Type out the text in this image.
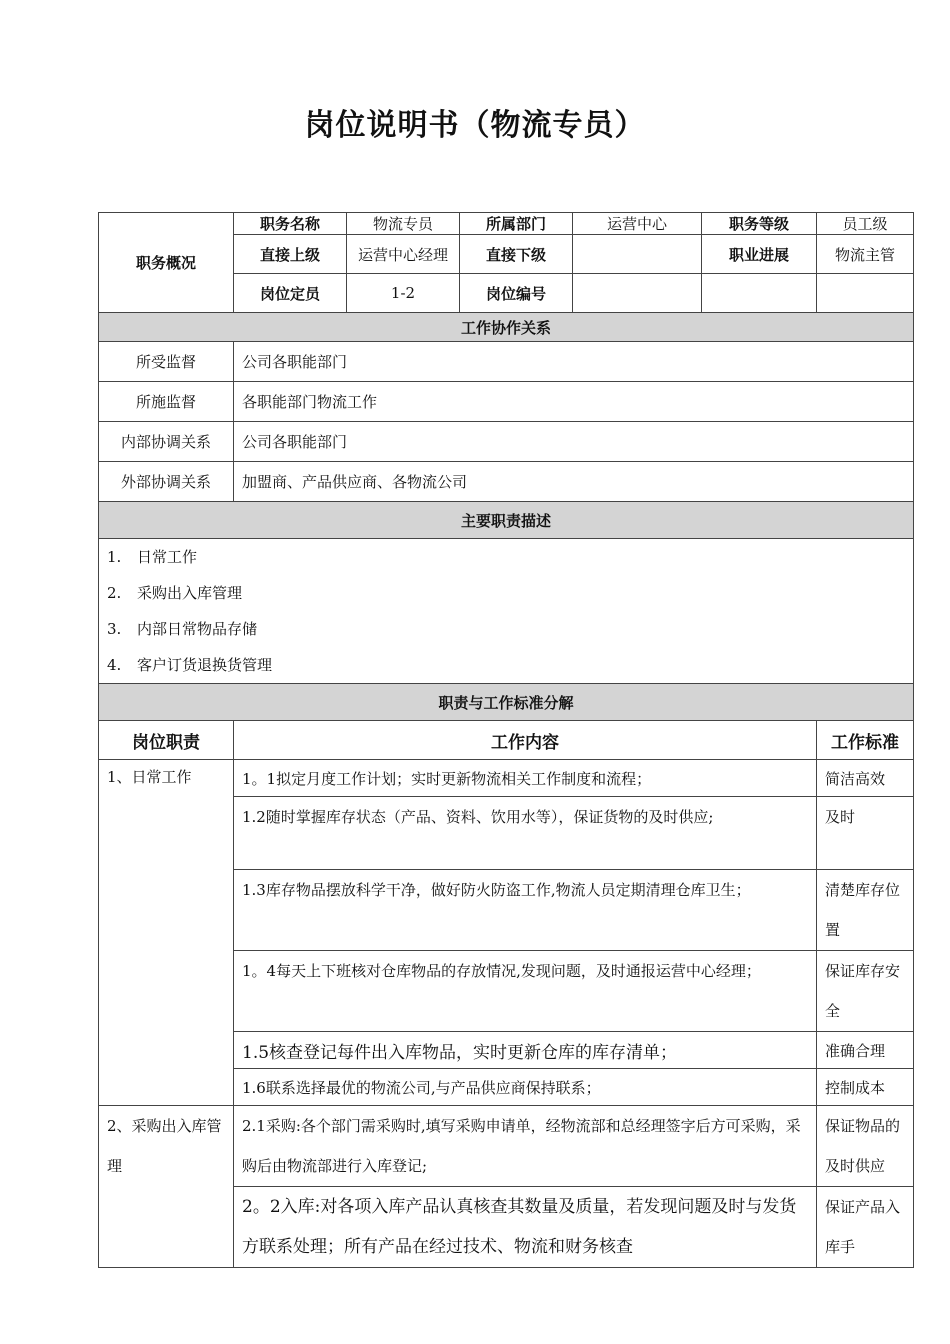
岗位说明书（物流专员）
职务概况	职务名称	物流专员	所属部门	运营中心	职务等级	员工级
	直接上级	运营中心经理	直接下级		职业进展	物流主管
	岗位定员	1-2	岗位编号			
工作协作关系						
所受监督	公司各职能部门					
所施监督	各职能部门物流工作					
内部协调关系	公司各职能部门					
外部协调关系	加盟商、产品供应商、各物流公司					
主要职责描述						

1. 日常工作

2. 采购出入库管理

3. 内部日常物品存储

4. 客户订货退换货管理						

职责与工作标准分解						
岗位职责	工作内容					工作标准
1、日常工作	1。1拟定月度工作计划；实时更新物流相关工作制度和流程；					简洁高效
	1.2随时掌握库存状态（产品、资料、饮用水等），保证货物的及时供应;					及时
	1.3库存物品摆放科学干净，做好防火防盗工作,物流人员定期清理仓库卫生；					清楚库存位置
	1。4每天上下班核对仓库物品的存放情况,发现问题，及时通报运营中心经理；					保证库存安全
	1.5核查登记每件出入库物品，实时更新仓库的库存清单；					准确合理
	1.6联系选择最优的物流公司,与产品供应商保持联系；					控制成本
2、采购出入库管理	2.1采购:各个部门需采购时,填写采购申请单，经物流部和总经理签字后方可采购，采购后由物流部进行入库登记;					保证物品的及时供应
	2。2入库:对各项入库产品认真核查其数量及质量，若发现问题及时与发货方联系处理；所有产品在经过技术、物流和财务核查					保证产品入库手
